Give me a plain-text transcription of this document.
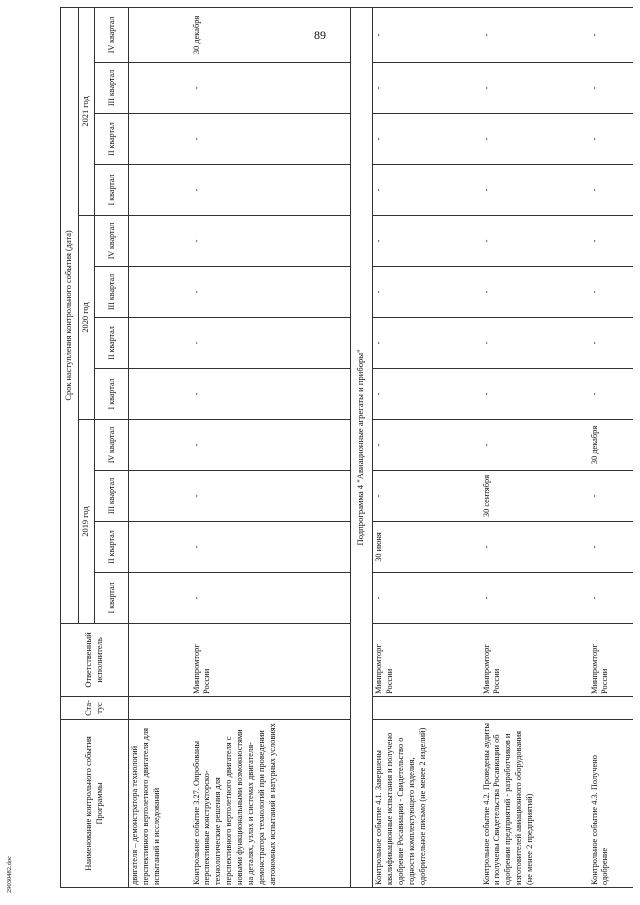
89
29030482.doc
Наименование контрольного события Программы	Ста-тус	Ответственный исполнитель	Срок наступления контрольного события (дата)											
			2019 год				2020 год				2021 год			
			I квартал	II квартал	III квартал	IV квартал	I квартал	II квартал	III квартал	IV квартал	I квартал	II квартал	III квартал	IV квартал
двигателя – демонстратора технологий перспективного вертолетного двигателя для испытаний и исследований			

Контрольное событие 3.27. Опробованы перспективные конструкторско-технологические решения для перспективного вертолетного двигателя с новыми функциональными возможностями на деталях, узлах и системах двигателя-демонстратора технологий при проведении автономных испытаний в натурных условиях		Минпромторг России	-	-	-	-	-	-	-	-	-	-	-	30 декабря

Подпрограмма 4 "Авиационные агрегаты и приборы"														
Контрольное событие 4.1. Завершены квалификационные испытания и получено одобрение Росавиации - Свидетельство о годности комплектующего изделия, одобрительное письмо (не менее 2 изделий)		Минпромторг России	-	30 июня	-	-	-	-	-	-	-	-	-	-

Контрольное событие 4.2. Проведены аудиты и получены Свидетельства Росавиации об одобрении предприятий - разработчиков и изготовителей авиационного оборудования (не менее 2 предприятий)		Минпромторг России	-	-	30 сентября	-	-	-	-	-	-	-	-	-

Контрольное событие 4.3. Получено одобрение		Минпромторг России	-	-	-	30 декабря	-	-	-	-	-	-	-	-
